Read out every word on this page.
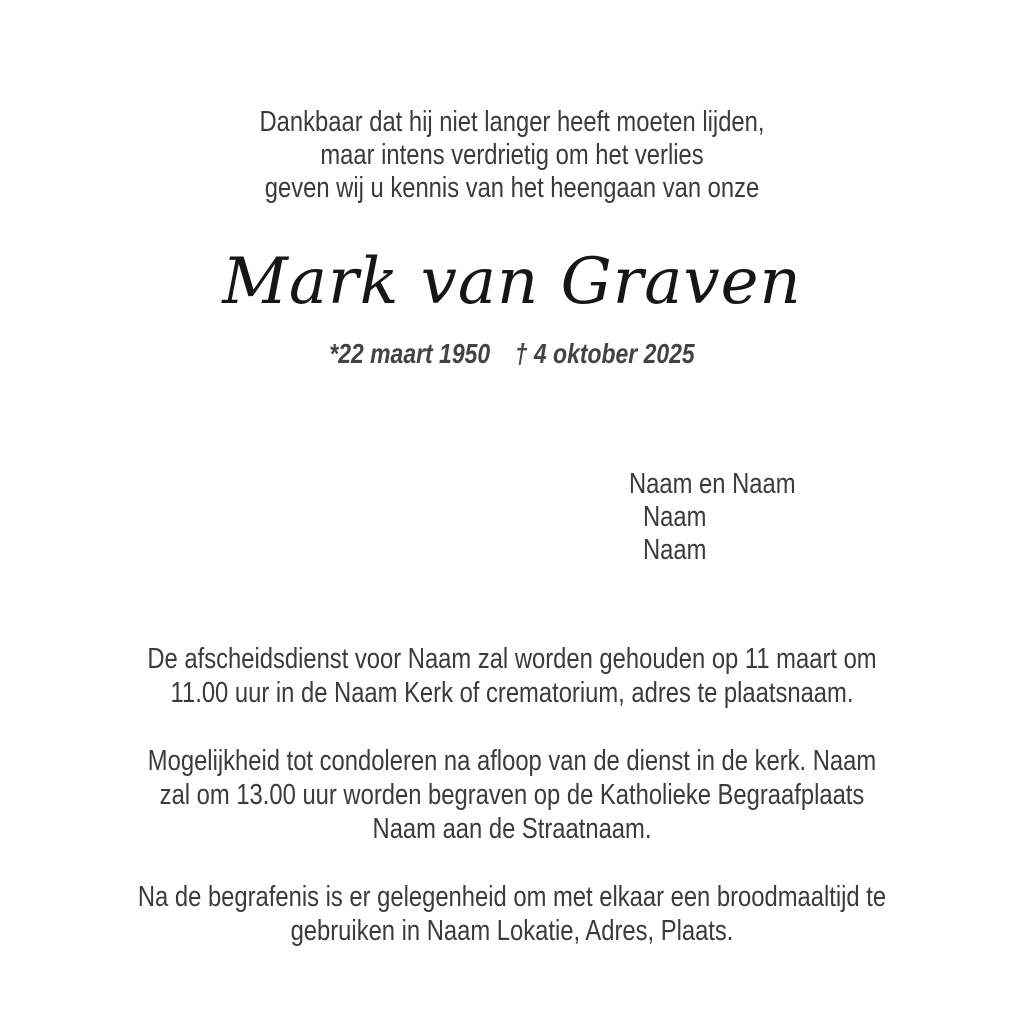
Dankbaar dat hij niet langer heeft moeten lijden,
maar intens verdrietig om het verlies
geven wij u kennis van het heengaan van onze
Mark van Graven
*22 maart 1950 † 4 oktober 2025
Naam en Naam
Naam
Naam
De afscheidsdienst voor Naam zal worden gehouden op 11 maart om
11.00 uur in de Naam Kerk of crematorium, adres te plaatsnaam.
Mogelijkheid tot condoleren na afloop van de dienst in de kerk. Naam
zal om 13.00 uur worden begraven op de Katholieke Begraafplaats
Naam aan de Straatnaam.
Na de begrafenis is er gelegenheid om met elkaar een broodmaaltijd te
gebruiken in Naam Lokatie, Adres, Plaats.
